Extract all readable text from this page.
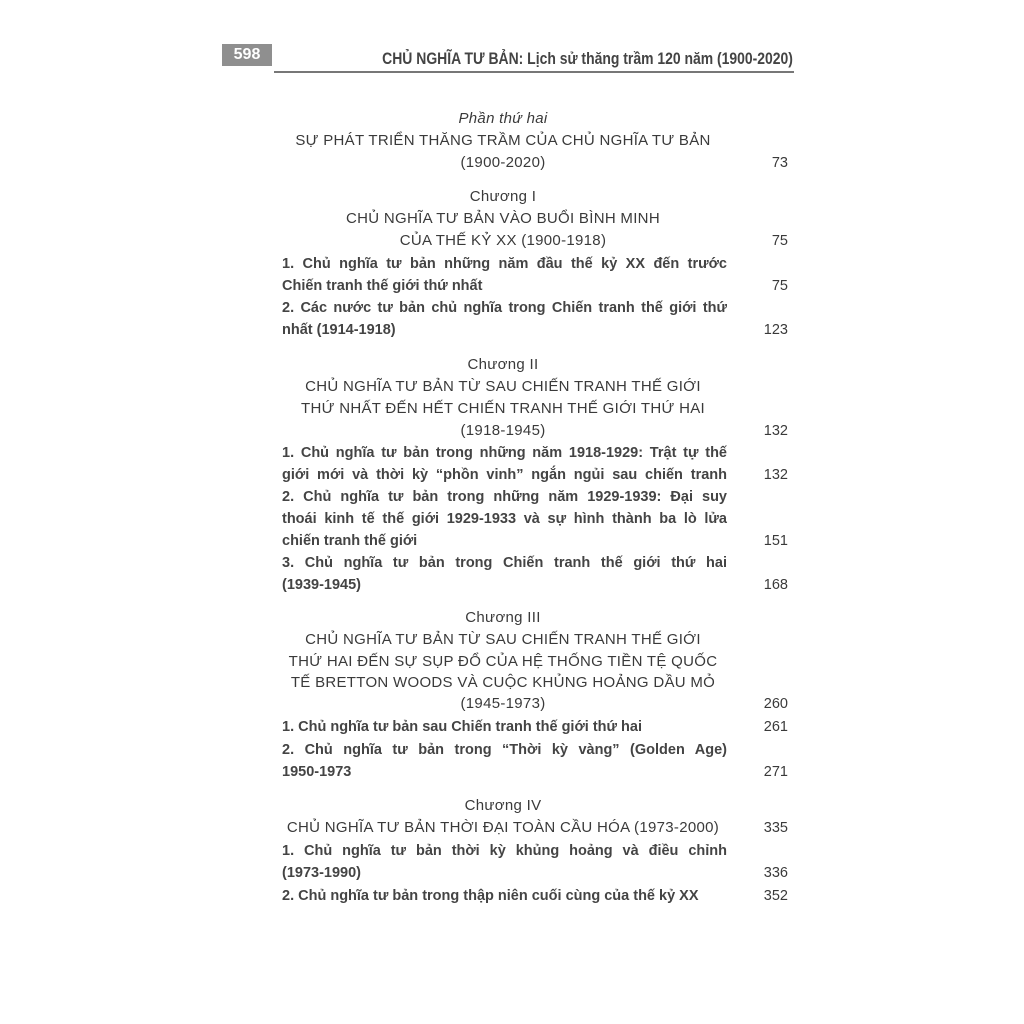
598	CHỦ NGHĨA TƯ BẢN: Lịch sử thăng trầm 120 năm (1900-2020)
Phần thứ hai
SỰ PHÁT TRIỂN THĂNG TRẦM CỦA CHỦ NGHĨA TƯ BẢN
(1900-2020)	73
Chương I
CHỦ NGHĨA TƯ BẢN VÀO BUỔI BÌNH MINH
CỦA THẾ KỶ XX (1900-1918)	75
1. Chủ nghĩa tư bản những năm đầu thế kỷ XX đến trước
Chiến tranh thế giới thứ nhất	75
2. Các nước tư bản chủ nghĩa trong Chiến tranh thế giới thứ
nhất (1914-1918)	123
Chương II
CHỦ NGHĨA TƯ BẢN TỪ SAU CHIẾN TRANH THẾ GIỚI
THỨ NHẤT ĐẾN HẾT CHIẾN TRANH THẾ GIỚI THỨ HAI
(1918-1945)	132
1. Chủ nghĩa tư bản trong những năm 1918-1929: Trật tự thế
giới mới và thời kỳ “phồn vinh” ngắn ngủi sau chiến tranh	132
2. Chủ nghĩa tư bản trong những năm 1929-1939: Đại suy
thoái kinh tế thế giới 1929-1933 và sự hình thành ba lò lửa
chiến tranh thế giới	151
3. Chủ nghĩa tư bản trong Chiến tranh thế giới thứ hai
(1939-1945)	168
Chương III
CHỦ NGHĨA TƯ BẢN TỪ SAU CHIẾN TRANH THẾ GIỚI
THỨ HAI ĐẾN SỰ SỤP ĐỔ CỦA HỆ THỐNG TIỀN TỆ QUỐC
TẾ BRETTON WOODS VÀ CUỘC KHỦNG HOẢNG DẦU MỎ
(1945-1973)	260
1. Chủ nghĩa tư bản sau Chiến tranh thế giới thứ hai	261
2. Chủ nghĩa tư bản trong “Thời kỳ vàng” (Golden Age)
1950-1973	271
Chương IV
CHỦ NGHĨA TƯ BẢN THỜI ĐẠI TOÀN CẦU HÓA (1973-2000)	335
1. Chủ nghĩa tư bản thời kỳ khủng hoảng và điều chỉnh
(1973-1990)	336
2. Chủ nghĩa tư bản trong thập niên cuối cùng của thế kỷ XX	352
